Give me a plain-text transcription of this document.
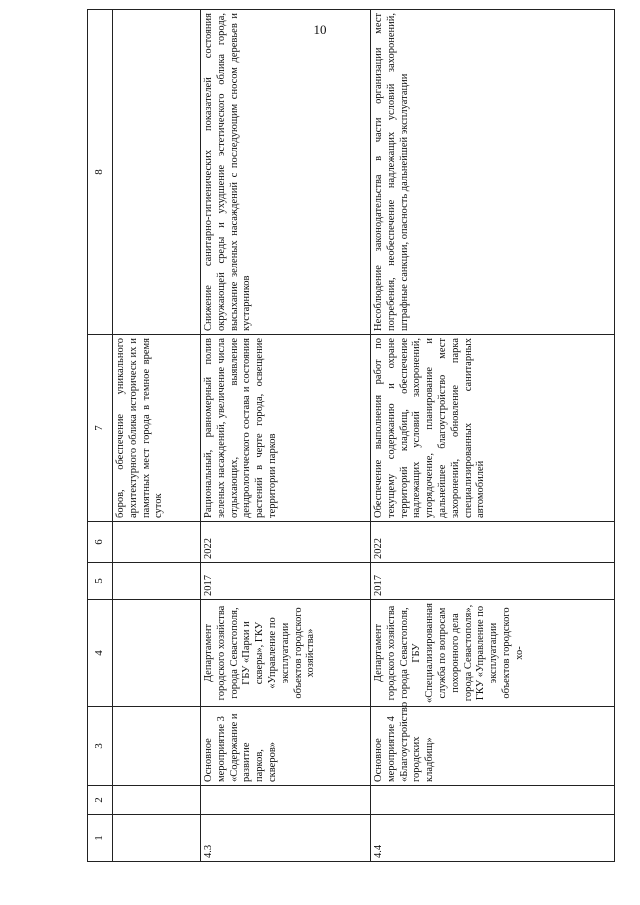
10
1	2	3	4	5	6	7	8
						боров, обеспечение уникального архитектурного облика историческ их и памятных мест города в темное время суток	
4.3		Основное мероприятие 3 «Содержание и развитие парков, скверов»	Департамент городского хозяйства города Севастополя, ГБУ «Парки и скверы», ГКУ «Управление по эксплуатации объектов городского хозяйства»	2017	2022	Рациональный, равномерный полив зеленых насаждений, увеличение числа отдыхающих, выявление дендрологического состава и состояния растений в черте города, освещение территории парков	Снижение санитарно-гигиенических показателей состояния окружающей среды и ухудшение эстетического облика города, высыхание зеленых насаждений с последующим сносом деревьев и кустарников
4.4		Основное мероприятие 4 «Благоустройство городских кладбищ»	Департамент городского хозяйства города Севастополя, ГБУ «Специализированная служба по вопросам похоронного дела города Севастополя», ГКУ «Управление по эксплуатации объектов городского хо-	2017	2022	Обеспечение выполнения работ по текущему содержанию и охране территорий кладбищ, обеспечение надлежащих условий захоронений, упорядочение, планирование и дальнейшее благоустройство мест захоронений, обновление парка специализированных санитарных автомобилей	Несоблюдение законодательства в части организации мест погребения, необеспечение надлежащих условий захоронений, штрафные санкции, опасность дальнейшей эксплуатации
